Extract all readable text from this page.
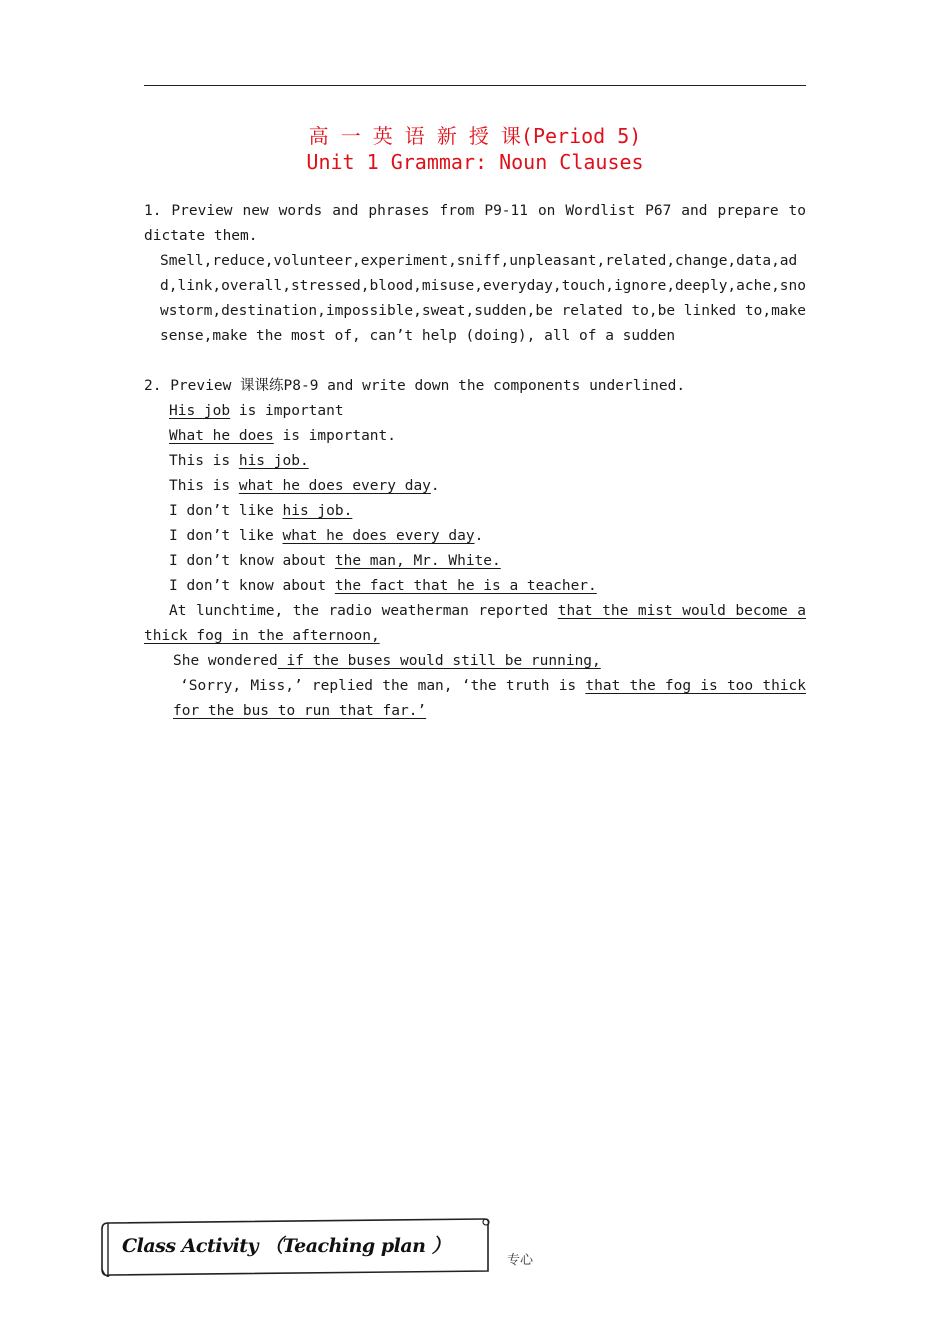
高 一 英 语 新 授 课(Period 5)
Unit 1 Grammar: Noun Clauses

1. Preview new words and phrases from P9-11 on Wordlist P67 and prepare to dictate them.

Smell,reduce,volunteer,experiment,sniff,unpleasant,related,change,data,add,link,overall,stressed,blood,misuse,everyday,touch,ignore,deeply,ache,snowstorm,destination,impossible,sweat,sudden,be related to,be linked to,make sense,make the most of, can’t help (doing), all of a sudden

2. Preview 课课练P8-9 and write down the components underlined.

His job is important
What he does is important.
This is his job.
This is what he does every day.
I don’t like his job.
I don’t like what he does every day.
I don’t know about the man, Mr. White.
I don’t know about the fact that he is a teacher.
At lunchtime, the radio weatherman reported that the mist would become a
thick fog in the afternoon,
She wondered if the buses would still be running,
‘Sorry, Miss,’ replied the man, ‘the truth is that the fog is too thick
for the bus to run that far.’
Class Activity （Teaching plan ）
专心
